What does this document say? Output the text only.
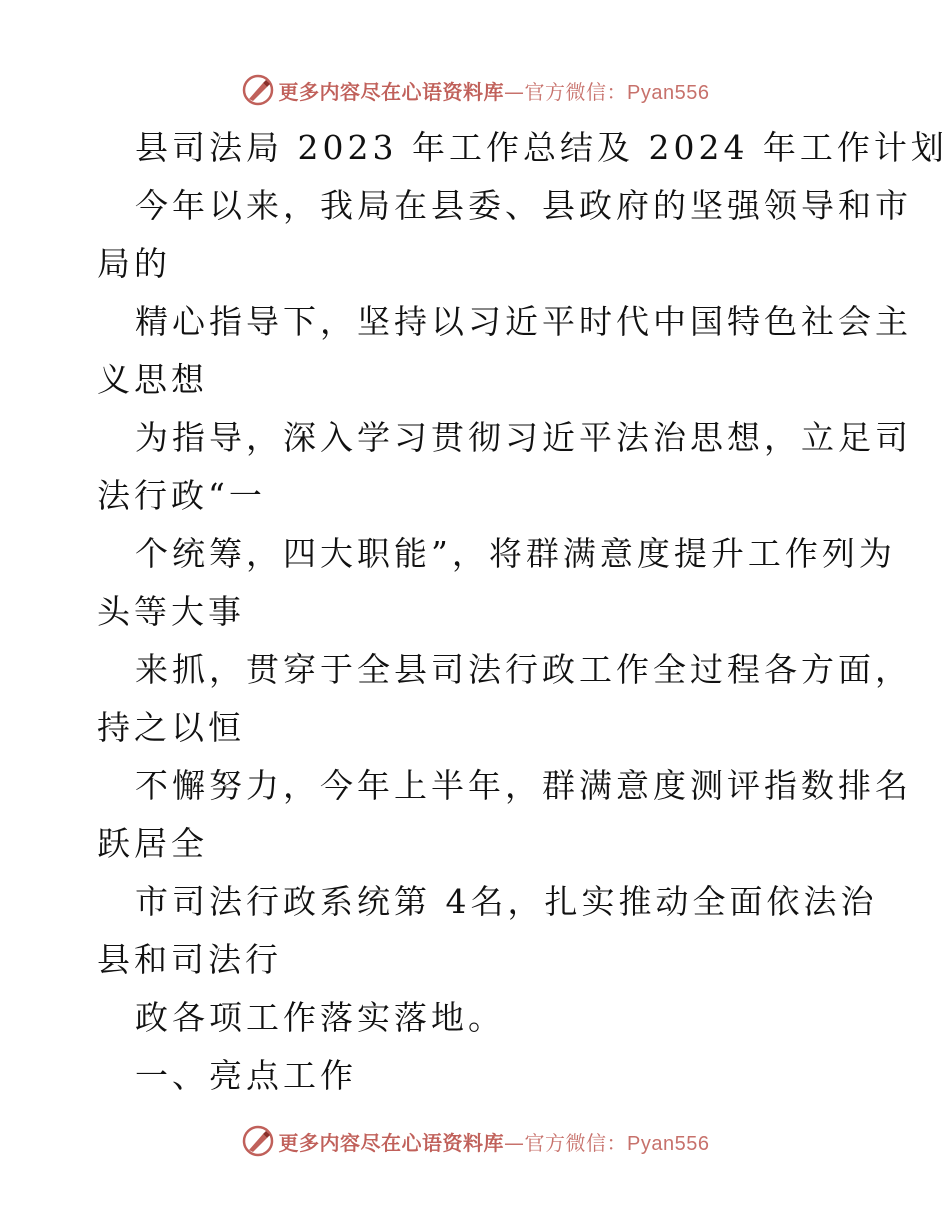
更多内容尽在心语资料库—官方微信：Pyan556
县司法局 2023 年工作总结及 2024 年工作计划
今年以来，我局在县委、县政府的坚强领导和市
局的
精心指导下，坚持以习近平时代中国特色社会主
义思想
为指导，深入学习贯彻习近平法治思想，立足司
法行政“一
个统筹，四大职能”，将群满意度提升工作列为
头等大事
来抓，贯穿于全县司法行政工作全过程各方面，
持之以恒
不懈努力，今年上半年，群满意度测评指数排名
跃居全
市司法行政系统第 4名，扎实推动全面依法治
县和司法行
政各项工作落实落地。
一、亮点工作
更多内容尽在心语资料库—官方微信：Pyan556
